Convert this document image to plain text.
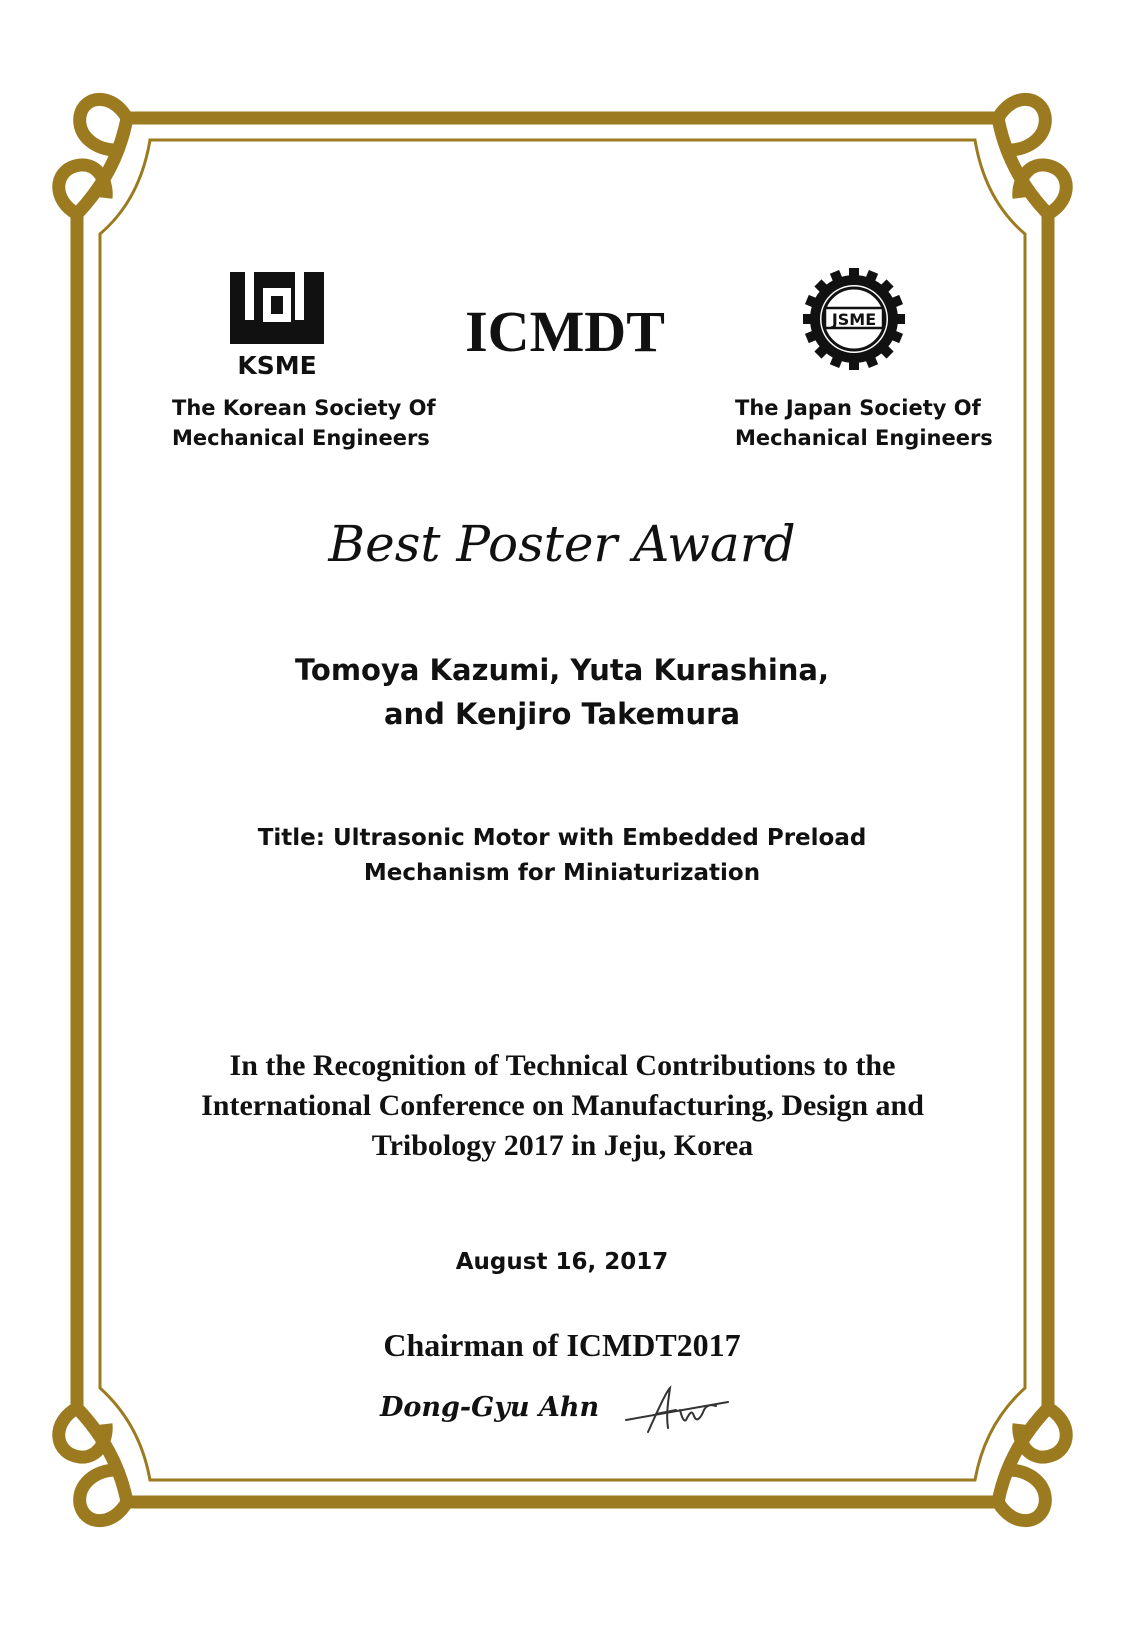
KSME
JSME

ICMDT

The Korean Society Of

Mechanical Engineers

The Japan Society Of

Mechanical Engineers

Best Poster Award

Tomoya Kazumi, Yuta Kurashina,

and Kenjiro Takemura

Title: Ultrasonic Motor with Embedded Preload

Mechanism for Miniaturization

In the Recognition of Technical Contributions to the

International Conference on Manufacturing, Design and

Tribology 2017 in Jeju, Korea

August 16, 2017

Chairman of ICMDT2017

Dong-Gyu Ahn
